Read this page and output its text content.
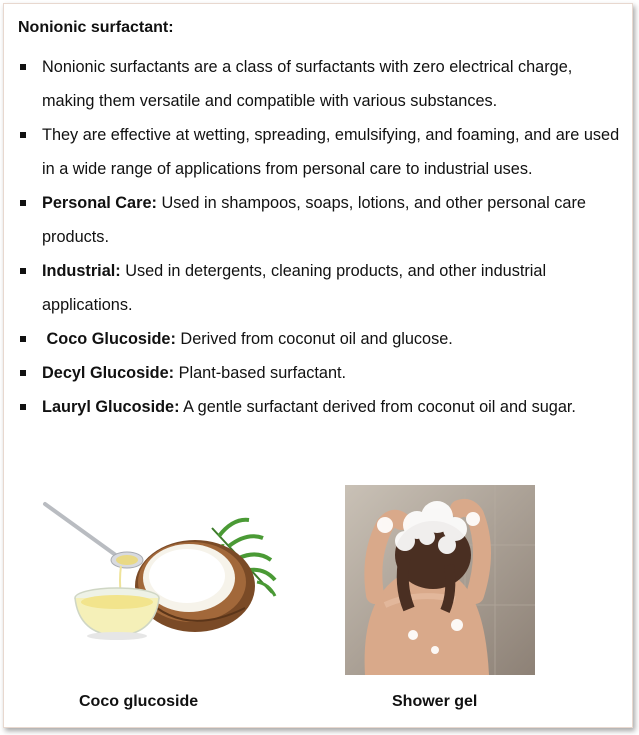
Nonionic surfactant:
Nonionic surfactants are a class of surfactants with zero electrical charge, making them versatile and compatible with various substances.
They are effective at wetting, spreading, emulsifying, and foaming, and are used in a wide range of applications from personal care to industrial uses.
Personal Care: Used in shampoos, soaps, lotions, and other personal care products.
Industrial: Used in detergents, cleaning products, and other industrial applications.
Coco Glucoside: Derived from coconut oil and glucose.
Decyl Glucoside: Plant-based surfactant.
Lauryl Glucoside: A gentle surfactant derived from coconut oil and sugar.
Coco glucoside	Shower gel
